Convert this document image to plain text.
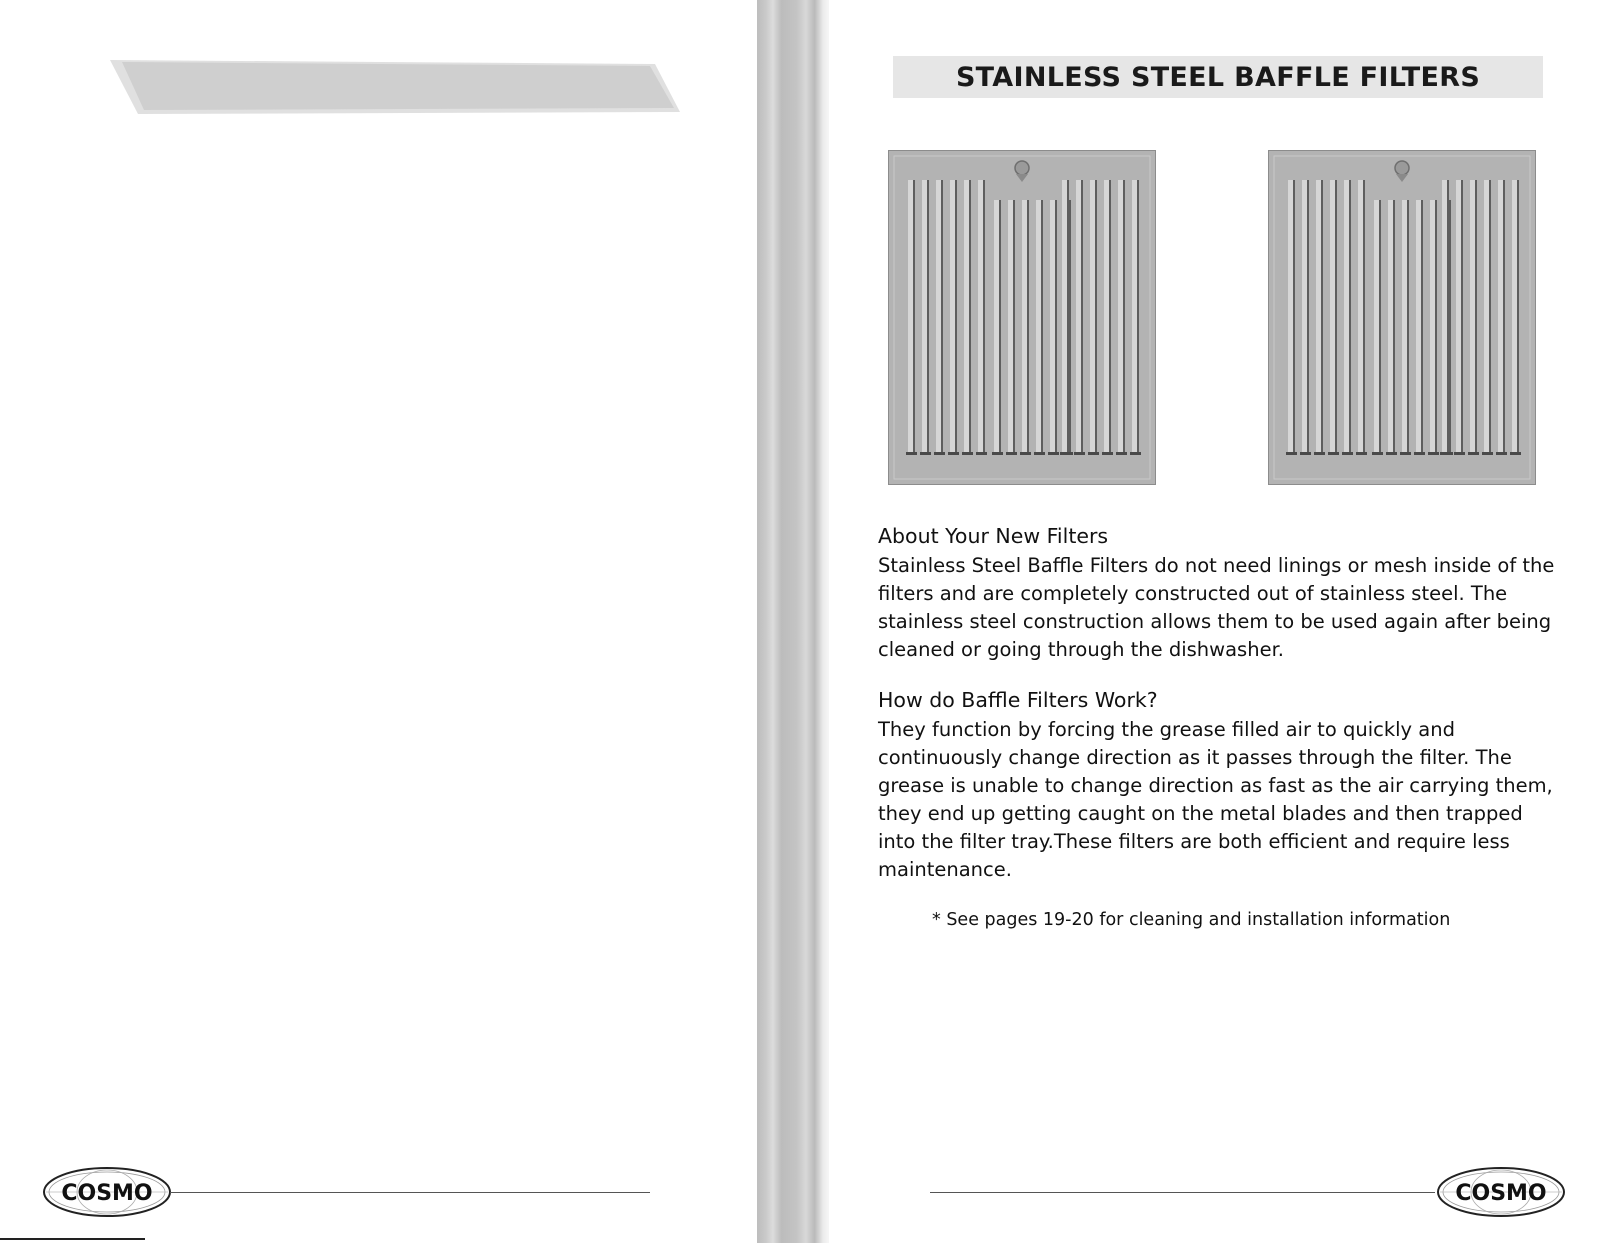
COSMO
STAINLESS STEEL BAFFLE FILTERS

About Your New Filters

Stainless Steel Baffle Filters do not need linings or mesh inside of the filters and are completely constructed out of stainless steel. The stainless steel construction allows them to be used again after being cleaned or going through the dishwasher.

How do Baffle Filters Work?

They function by forcing the grease filled air to quickly and continuously change direction as it passes through the filter. The grease is unable to change direction as fast as the air carrying them, they end up getting caught on the metal blades and then trapped into the filter tray.These filters are both efficient and require less maintenance.

* See pages 19-20 for cleaning and installation information
COSMO
